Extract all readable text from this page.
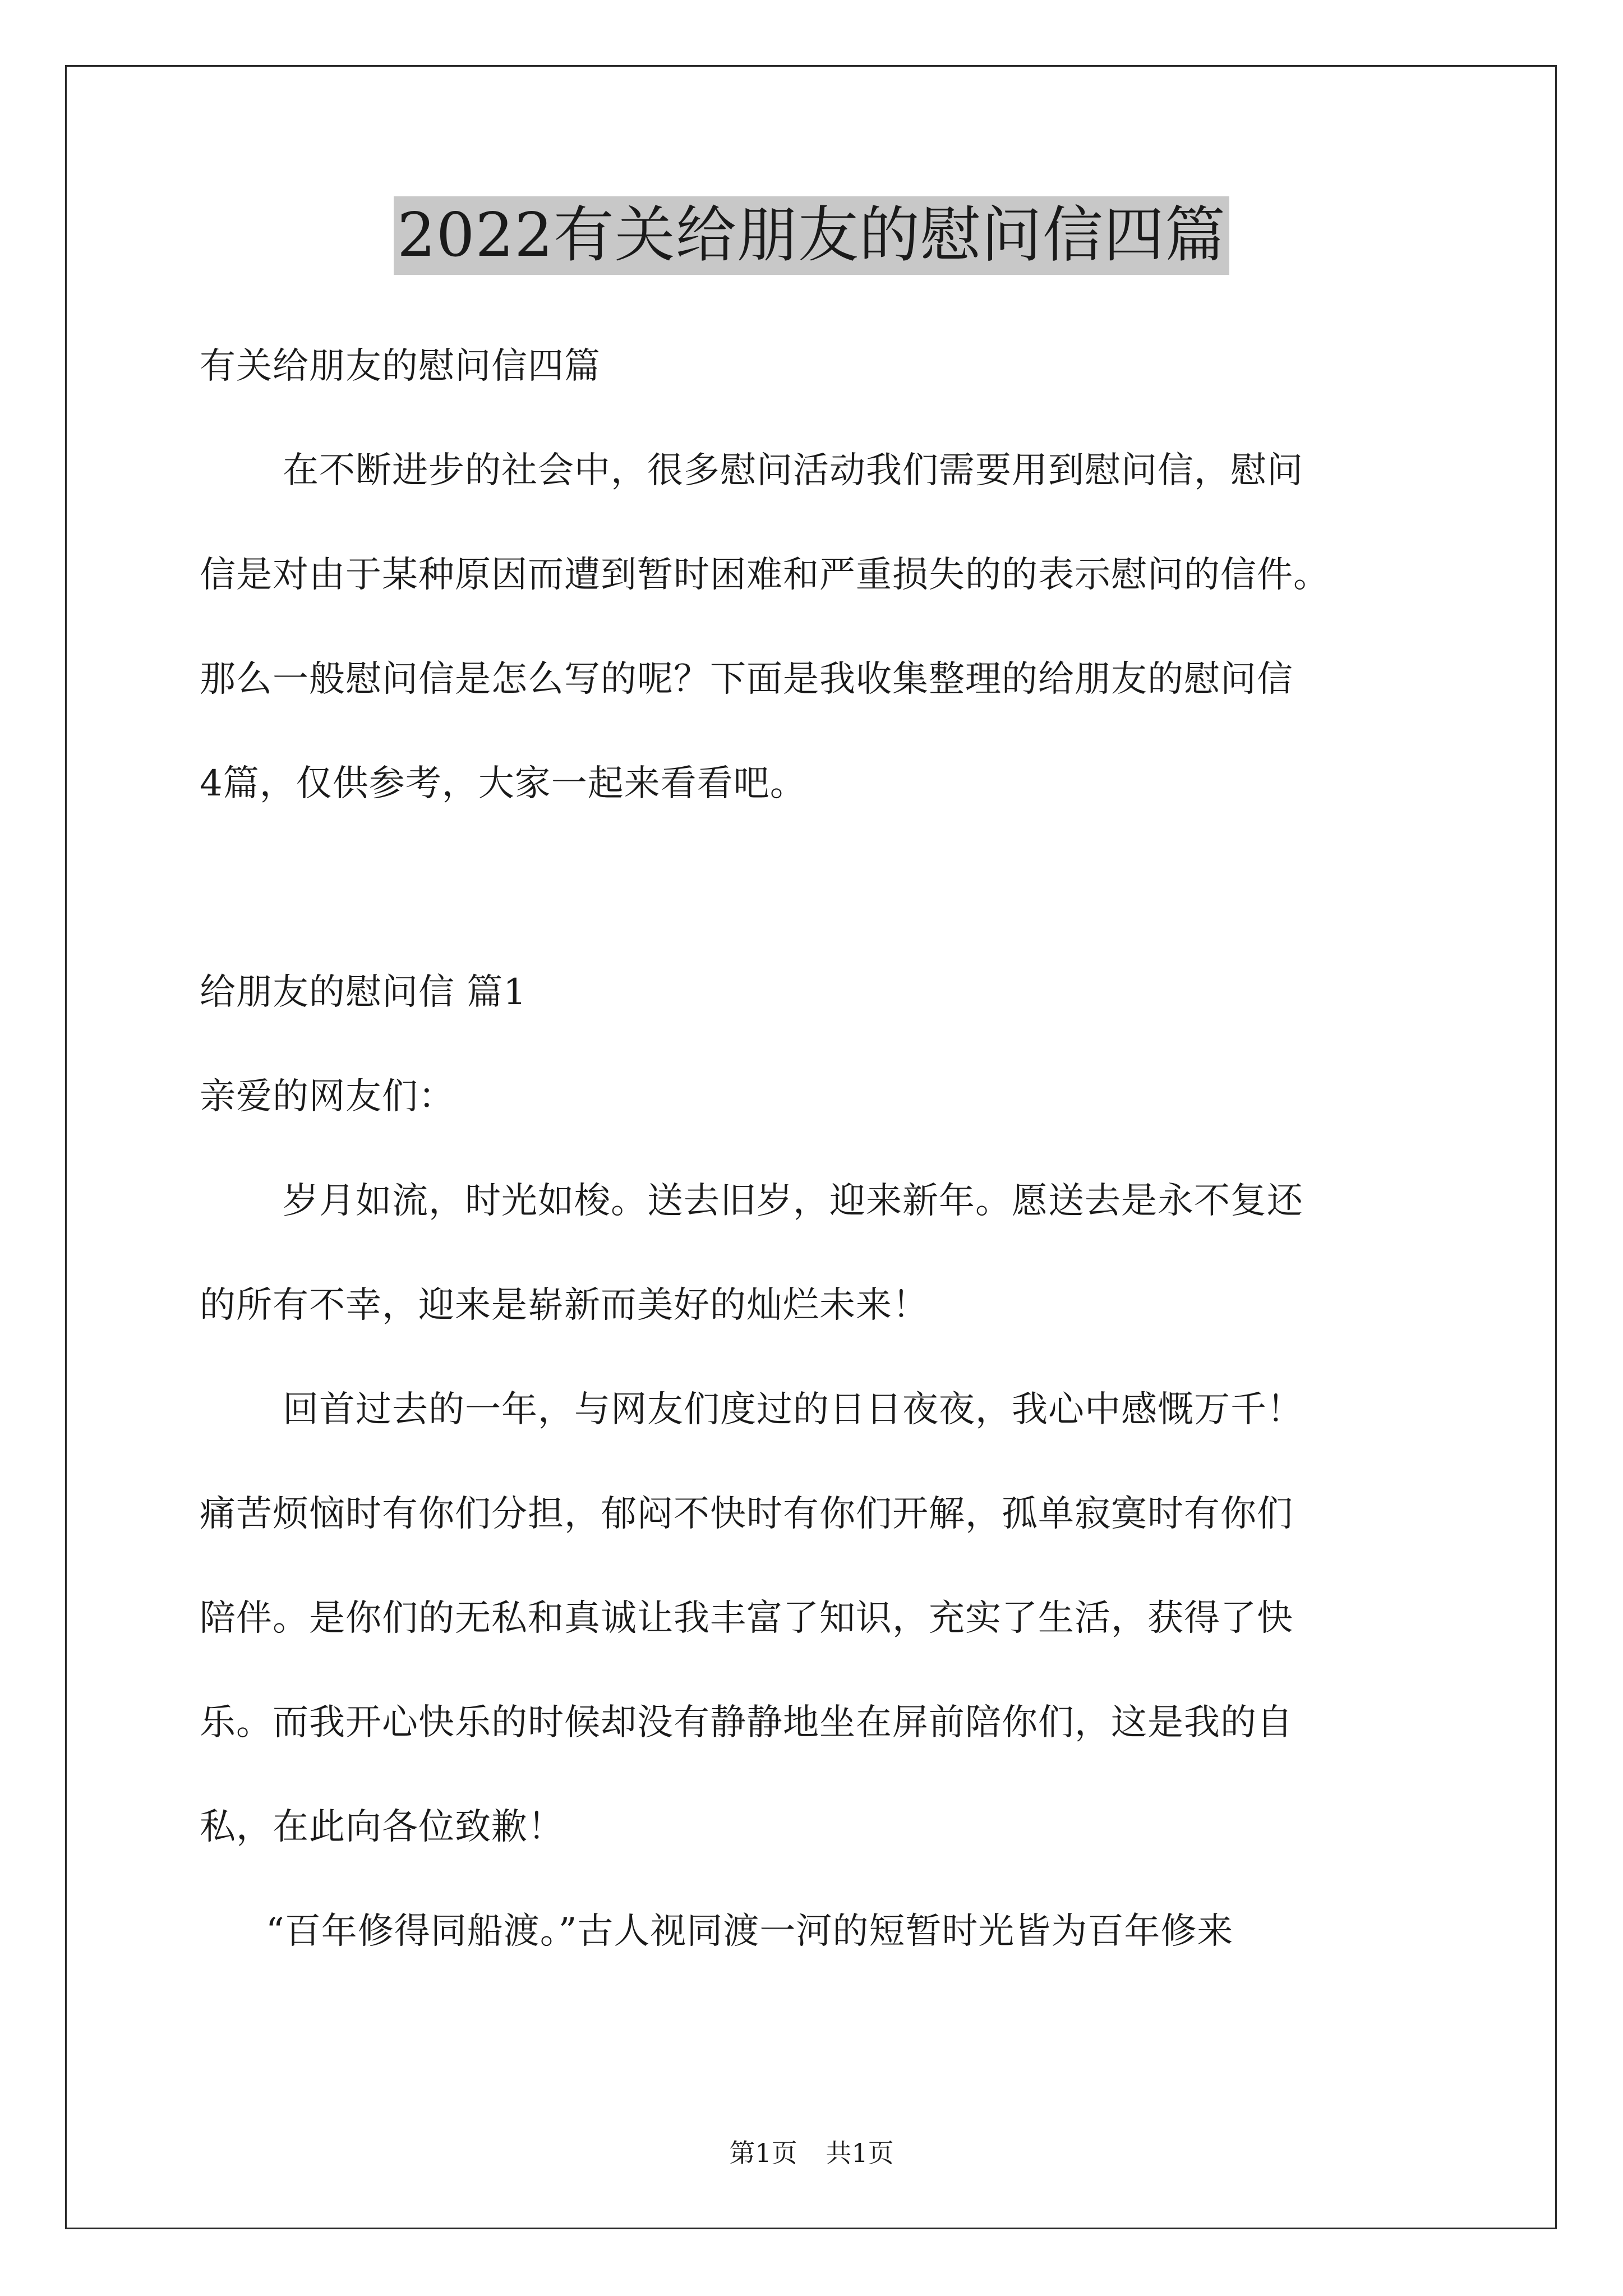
2022有关给朋友的慰问信四篇
有关给朋友的慰问信四篇
在不断进步的社会中，很多慰问活动我们需要用到慰问信，慰问
信是对由于某种原因而遭到暂时困难和严重损失的的表示慰问的信件。
那么一般慰问信是怎么写的呢？下面是我收集整理的给朋友的慰问信
4篇，仅供参考，大家一起来看看吧。
给朋友的慰问信 篇1
亲爱的网友们：
岁月如流，时光如梭。送去旧岁，迎来新年。愿送去是永不复还
的所有不幸，迎来是崭新而美好的灿烂未来！
回首过去的一年，与网友们度过的日日夜夜，我心中感慨万千！
痛苦烦恼时有你们分担，郁闷不快时有你们开解，孤单寂寞时有你们
陪伴。是你们的无私和真诚让我丰富了知识，充实了生活，获得了快
乐。而我开心快乐的时候却没有静静地坐在屏前陪你们，这是我的自
私，在此向各位致歉！
“百年修得同船渡。”古人视同渡一河的短暂时光皆为百年修来
第1页 共1页
